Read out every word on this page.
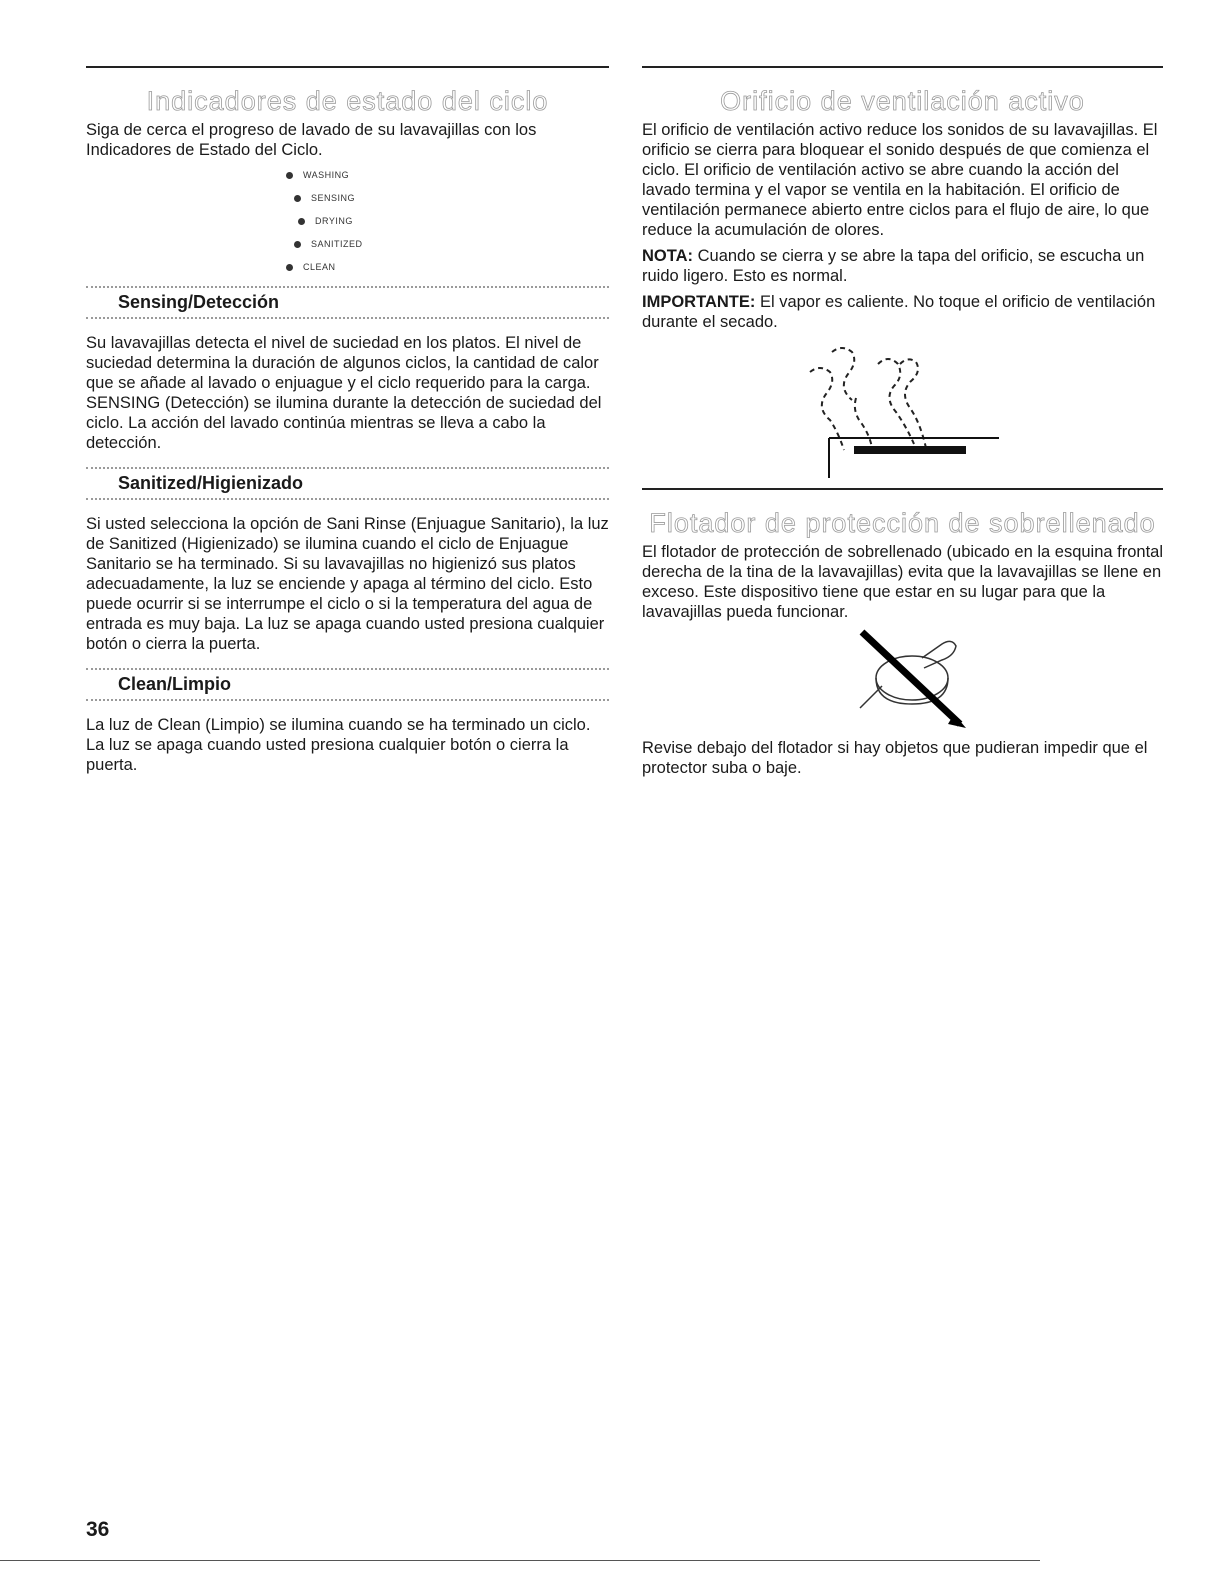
Indicadores de estado del ciclo

Siga de cerca el progreso de lavado de su lavavajillas con los Indicadores de Estado del Ciclo.

WASHING
SENSING
DRYING
SANITIZED
CLEAN
Sensing/Detección

Su lavavajillas detecta el nivel de suciedad en los platos. El nivel de suciedad determina la duración de algunos ciclos, la cantidad de calor que se añade al lavado o enjuague y el ciclo requerido para la carga. SENSING (Detección) se ilumina durante la detección de suciedad del ciclo. La acción del lavado continúa mientras se lleva a cabo la detección.

Sanitized/Higienizado

Si usted selecciona la opción de Sani Rinse (Enjuague Sanitario), la luz de Sanitized (Higienizado) se ilumina cuando el ciclo de Enjuague Sanitario se ha terminado. Si su lavavajillas no higienizó sus platos adecuadamente, la luz se enciende y apaga al término del ciclo. Esto puede ocurrir si se interrumpe el ciclo o si la temperatura del agua de entrada es muy baja. La luz se apaga cuando usted presiona cualquier botón o cierra la puerta.

Clean/Limpio

La luz de Clean (Limpio) se ilumina cuando se ha terminado un ciclo. La luz se apaga cuando usted presiona cualquier botón o cierra la puerta.

Orificio de ventilación activo

El orificio de ventilación activo reduce los sonidos de su lavavajillas. El orificio se cierra para bloquear el sonido después de que comienza el ciclo. El orificio de ventilación activo se abre cuando la acción del lavado termina y el vapor se ventila en la habitación. El orificio de ventilación permanece abierto entre ciclos para el flujo de aire, lo que reduce la acumulación de olores.

NOTA: Cuando se cierra y se abre la tapa del orificio, se escucha un ruido ligero. Esto es normal.

IMPORTANTE: El vapor es caliente. No toque el orificio de ventilación durante el secado.

Flotador de protección de sobrellenado

El flotador de protección de sobrellenado (ubicado en la esquina frontal derecha de la tina de la lavavajillas) evita que la lavavajillas se llene en exceso. Este dispositivo tiene que estar en su lugar para que la lavavajillas pueda funcionar.

Revise debajo del flotador si hay objetos que pudieran impedir que el protector suba o baje.

36
